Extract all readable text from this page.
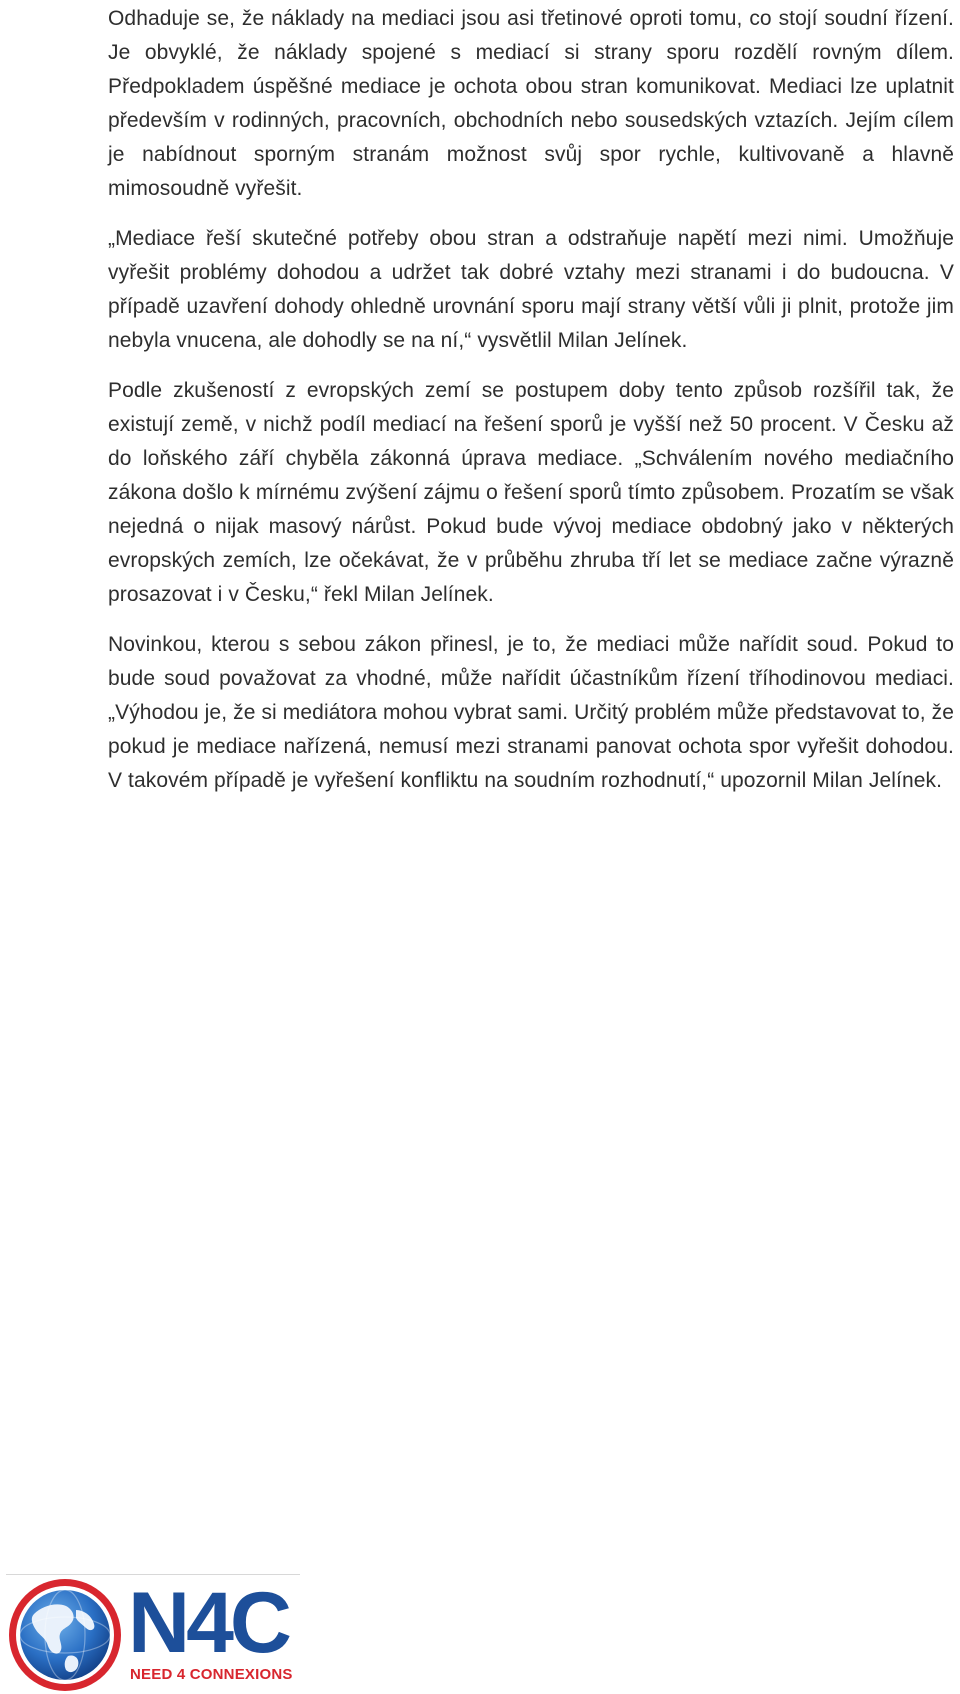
Odhaduje se, že náklady na mediaci jsou asi třetinové oproti tomu, co stojí soudní řízení. Je obvyklé, že náklady spojené s mediací si strany sporu rozdělí rovným dílem. Předpokladem úspěšné mediace je ochota obou stran komunikovat. Mediaci lze uplatnit především v rodinných, pracovních, obchodních nebo sousedských vztazích. Jejím cílem je nabídnout sporným stranám možnost svůj spor rychle, kultivovaně a hlavně mimosoudně vyřešit.

„Mediace řeší skutečné potřeby obou stran a odstraňuje napětí mezi nimi. Umožňuje vyřešit problémy dohodou a udržet tak dobré vztahy mezi stranami i do budoucna. V případě uzavření dohody ohledně urovnání sporu mají strany větší vůli ji plnit, protože jim nebyla vnucena, ale dohodly se na ní,“ vysvětlil Milan Jelínek.

Podle zkušeností z evropských zemí se postupem doby tento způsob rozšířil tak, že existují země, v nichž podíl mediací na řešení sporů je vyšší než 50 procent. V Česku až do loňského září chyběla zákonná úprava mediace. „Schválením nového mediačního zákona došlo k mírnému zvýšení zájmu o řešení sporů tímto způsobem. Prozatím se však nejedná o nijak masový nárůst. Pokud bude vývoj mediace obdobný jako v některých evropských zemích, lze očekávat, že v průběhu zhruba tří let se mediace začne výrazně prosazovat i v Česku,“ řekl Milan Jelínek.

Novinkou, kterou s sebou zákon přinesl, je to, že mediaci může nařídit soud. Pokud to bude soud považovat za vhodné, může nařídit účastníkům řízení tříhodinovou mediaci. „Výhodou je, že si mediátora mohou vybrat sami. Určitý problém může představovat to, že pokud je mediace nařízená, nemusí mezi stranami panovat ochota spor vyřešit dohodou. V takovém případě je vyřešení konfliktu na soudním rozhodnutí,“ upozornil Milan Jelínek.

N4C
NEED 4 CONNEXIONS
